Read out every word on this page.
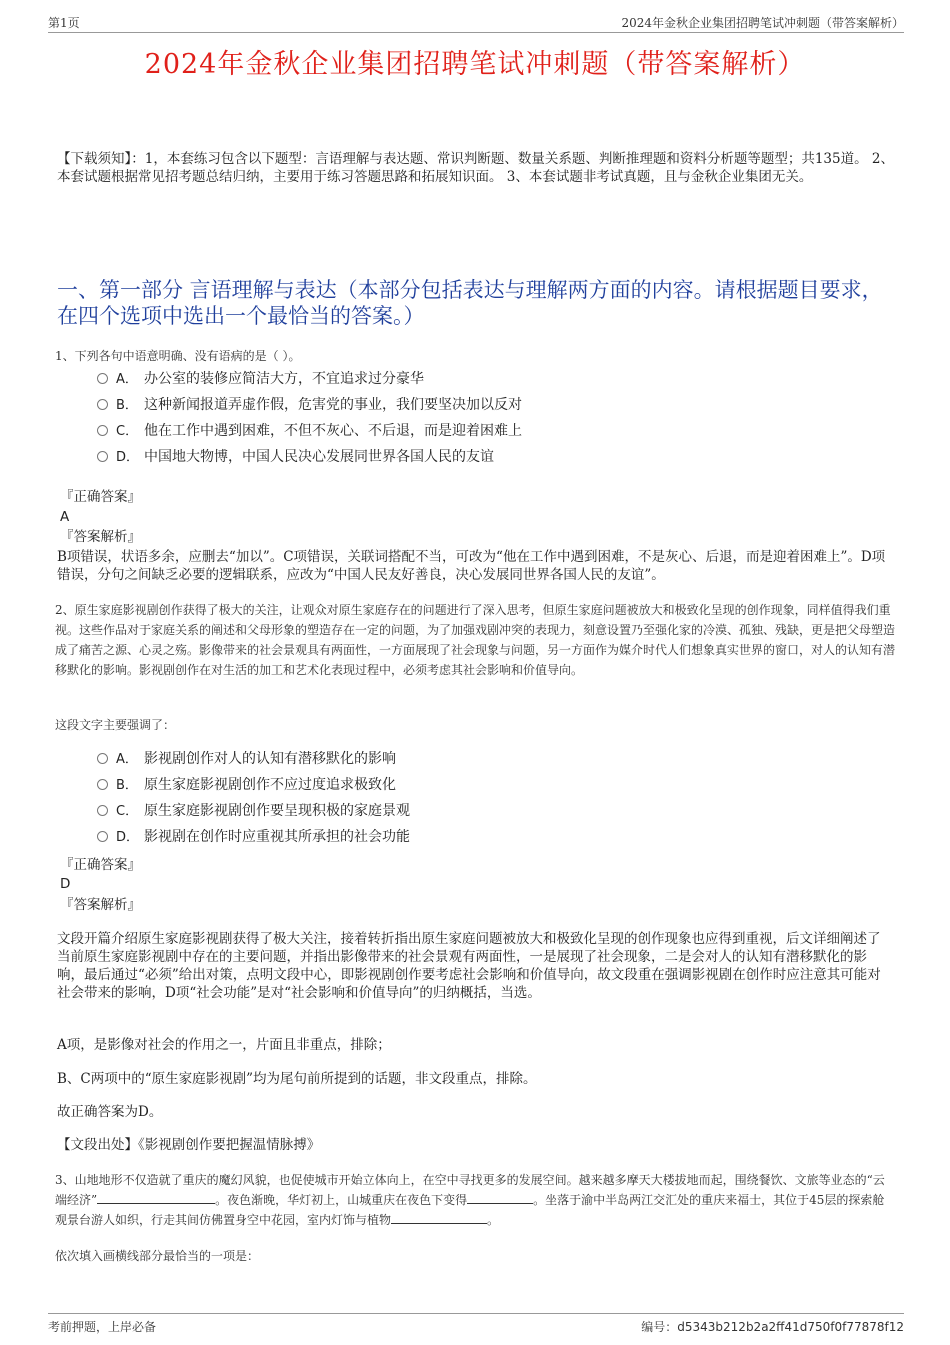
第1页	2024年金秋企业集团招聘笔试冲刺题（带答案解析）
2024年金秋企业集团招聘笔试冲刺题（带答案解析）
【下载须知】：1，本套练习包含以下题型：言语理解与表达题、常识判断题、数量关系题、判断推理题和资料分析题等题型；共135道。 2、本套试题根据常见招考题总结归纳，主要用于练习答题思路和拓展知识面。 3、本套试题非考试真题，且与金秋企业集团无关。
一、第一部分 言语理解与表达（本部分包括表达与理解两方面的内容。请根据题目要求，在四个选项中选出一个最恰当的答案。）
1、下列各句中语意明确、没有语病的是（ ）。
A． 办公室的装修应简洁大方，不宜追求过分豪华
B． 这种新闻报道弄虚作假，危害党的事业，我们要坚决加以反对
C． 他在工作中遇到困难，不但不灰心、不后退，而是迎着困难上
D． 中国地大物博，中国人民决心发展同世界各国人民的友谊
『正确答案』
A
『答案解析』
B项错误，状语多余，应删去“加以”。C项错误，关联词搭配不当，可改为“他在工作中遇到困难，不是灰心、后退，而是迎着困难上”。D项错误，分句之间缺乏必要的逻辑联系，应改为“中国人民友好善良，决心发展同世界各国人民的友谊”。
2、原生家庭影视剧创作获得了极大的关注，让观众对原生家庭存在的问题进行了深入思考，但原生家庭问题被放大和极致化呈现的创作现象，同样值得我们重视。这些作品对于家庭关系的阐述和父母形象的塑造存在一定的问题，为了加强戏剧冲突的表现力，刻意设置乃至强化家的冷漠、孤独、残缺，更是把父母塑造成了痛苦之源、心灵之殇。影像带来的社会景观具有两面性，一方面展现了社会现象与问题，另一方面作为媒介时代人们想象真实世界的窗口，对人的认知有潜移默化的影响。影视剧创作在对生活的加工和艺术化表现过程中，必须考虑其社会影响和价值导向。
这段文字主要强调了：
A． 影视剧创作对人的认知有潜移默化的影响
B． 原生家庭影视剧创作不应过度追求极致化
C． 原生家庭影视剧创作要呈现积极的家庭景观
D． 影视剧在创作时应重视其所承担的社会功能
『正确答案』
D
『答案解析』
文段开篇介绍原生家庭影视剧获得了极大关注，接着转折指出原生家庭问题被放大和极致化呈现的创作现象也应得到重视，后文详细阐述了当前原生家庭影视剧中存在的主要问题，并指出影像带来的社会景观有两面性，一是展现了社会现象，二是会对人的认知有潜移默化的影响，最后通过“必须”给出对策，点明文段中心，即影视剧创作要考虑社会影响和价值导向，故文段重在强调影视剧在创作时应注意其可能对社会带来的影响，D项“社会功能”是对“社会影响和价值导向”的归纳概括，当选。
A项，是影像对社会的作用之一，片面且非重点，排除；
B、C两项中的“原生家庭影视剧”均为尾句前所提到的话题，非文段重点，排除。
故正确答案为D。
【文段出处】《影视剧创作要把握温情脉搏》
3、山地地形不仅造就了重庆的魔幻风貌，也促使城市开始立体向上，在空中寻找更多的发展空间。越来越多摩天大楼拔地而起，围绕餐饮、文旅等业态的“云端经济”	。夜色渐晚，华灯初上，山城重庆在夜色下变得	。坐落于渝中半岛两江交汇处的重庆来福士，其位于45层的探索舱观景台游人如织，行走其间仿佛置身空中花园，室内灯饰与植物	。
依次填入画横线部分最恰当的一项是：
考前押题，上岸必备	编号：d5343b212b2a2ff41d750f0f77878f12
